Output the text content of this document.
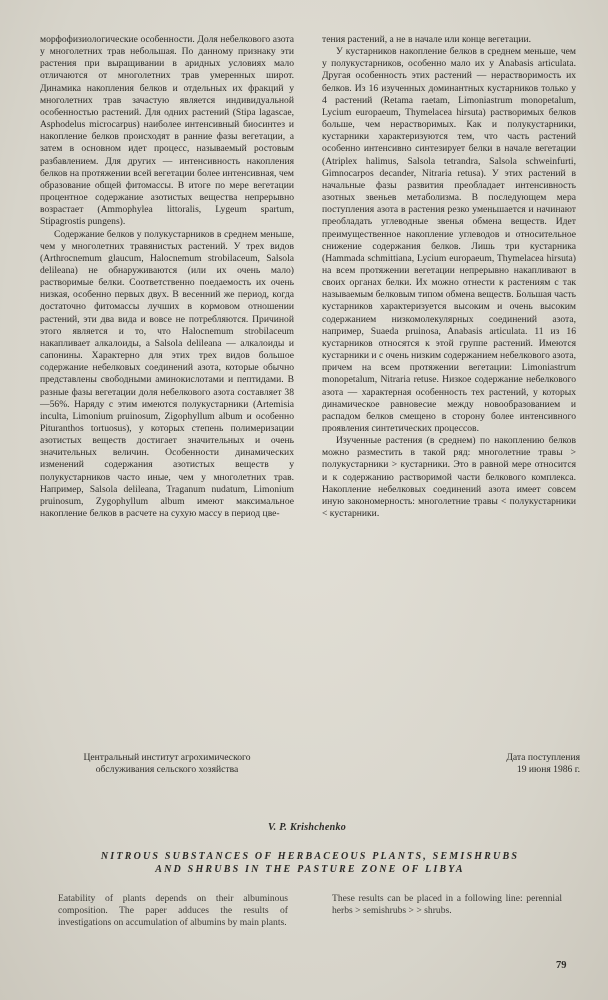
морфофизиологические особенности. Доля небелкового азота у многолетних трав небольшая. По данному признаку эти растения при выращивании в аридных условиях мало отличаются от многолетних трав умеренных широт. Динамика накопления белков и отдельных их фракций у многолетних трав зачастую является индивидуальной особенностью растений. Для одних растений (Stipa lagascae, Asphodelus microcarpus) наиболее интенсивный биосинтез и накопление белков происходят в ранние фазы вегетации, а затем в основном идет процесс, называемый ростовым разбавлением. Для других — интенсивность накопления белков на протяжении всей вегетации более интенсивная, чем образование общей фитомассы. В итоге по мере вегетации процентное содержание азотистых вещества непрерывно возрастает (Ammophylea littoralis, Lygeum spartum, Stipagrostis pungens).

Содержание белков у полукустарников в среднем меньше, чем у многолетних травянистых растений. У трех видов (Arthrocnemum glaucum, Halocnemum strobilaceum, Salsola delileana) не обнаруживаются (или их очень мало) растворимые белки. Соответственно поедаемость их очень низкая, особенно первых двух. В весенний же период, когда достаточно фитомассы лучших в кормовом отношении растений, эти два вида и вовсе не потребляются. Причиной этого является и то, что Halocnemum strobilaceum накапливает алкалоиды, а Salsola delileana — алкалоиды и сапонины. Характерно для этих трех видов большое содержание небелковых соединений азота, которые обычно представлены свободными аминокислотами и пептидами. В разные фазы вегетации доля небелкового азота составляет 38—56%. Наряду с этим имеются полукустарники (Artemisia inculta, Limonium pruinosum, Zigophyllum album и особенно Pituranthos tortuosus), у которых степень полимеризации азотистых веществ достигает значительных и очень значительных величин. Особенности динамических изменений содержания азотистых веществ у полукустарников часто иные, чем у многолетних трав. Например, Salsola delileana, Traganum nudatum, Limonium pruinosum, Zygophyllum album имеют максимальное накопление белков в расчете на сухую массу в период цве-

тения растений, а не в начале или конце вегетации.

У кустарников накопление белков в среднем меньше, чем у полукустарников, особенно мало их у Anabasis articulata. Другая особенность этих растений — нерастворимость их белков. Из 16 изученных доминантных кустарников только у 4 растений (Retama raetam, Limoniastrum monopetalum, Lycium europaeum, Thymelacea hirsuta) растворимых белков больше, чем нерастворимых. Как и полукустарники, кустарники характеризуются тем, что часть растений особенно интенсивно синтезирует белки в начале вегетации (Atriplex halimus, Salsola tetrandra, Salsola schweinfurti, Gimnocarpos decander, Nitraria retusa). У этих растений в начальные фазы развития преобладает интенсивность азотных звеньев метаболизма. В последующем мера поступления азота в растения резко уменьшается и начинают преобладать углеводные звенья обмена веществ. Идет преимущественное накопление углеводов и относительное снижение содержания белков. Лишь три кустарника (Hammada schmittiana, Lycium europaeum, Thymelacea hirsuta) на всем протяжении вегетации непрерывно накапливают в своих органах белки. Их можно отнести к растениям с так называемым белковым типом обмена веществ. Большая часть кустарников характеризуется высоким и очень высоким содержанием низкомолекулярных соединений азота, например, Suaeda pruinosa, Anabasis articulata. 11 из 16 кустарников относятся к этой группе растений. Имеются кустарники и с очень низким содержанием небелкового азота, причем на всем протяжении вегетации: Limoniastrum monopetalum, Nitraria retuse. Низкое содержание небелкового азота — характерная особенность тех растений, у которых динамическое равновесие между новообразованием и распадом белков смещено в сторону более интенсивного проявления синтетических процессов.

Изученные растения (в среднем) по накоплению белков можно разместить в такой ряд: многолетние травы > полукустарники > кустарники. Это в равной мере относится и к содержанию растворимой части белкового комплекса. Накопление небелковых соединений азота имеет совсем иную закономерность: многолетние травы < полукустарники < кустарники.

Центральный институт агрохимического
обслуживания сельского хозяйства
Дата поступления
19 июня 1986 г.
V. P. Krishchenko
NITROUS SUBSTANCES OF HERBACEOUS PLANTS, SEMISHRUBS
AND SHRUBS IN THE PASTURE ZONE OF LIBYA
Eatability of plants depends on their albuminous composition. The paper adduces the results of investigations on accumulation of albumins by main plants.
These results can be placed in a following line: perennial herbs > semishrubs > > shrubs.
79
